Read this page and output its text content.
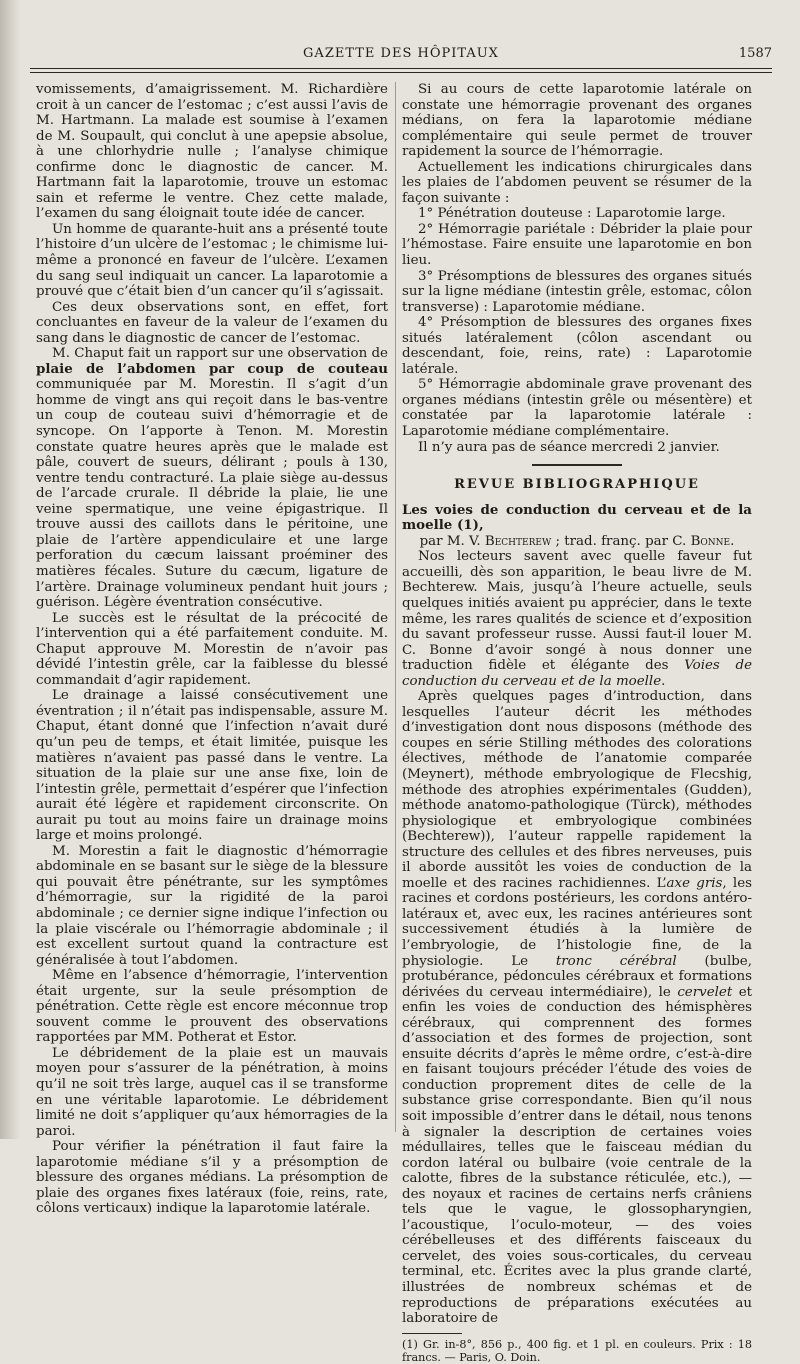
GAZETTE DES HÔPITAUX	1587

vomissements, d’amaigrissement. M. Richardière croit à un cancer de l’estomac ; c’est aussi l’avis de M. Hartmann. La malade est soumise à l’examen de M. Soupault, qui conclut à une apepsie absolue, à une chlorhydrie nulle ; l’analyse chimique confirme donc le diagnostic de cancer. M. Hartmann fait la laparotomie, trouve un estomac sain et referme le ventre. Chez cette malade, l’examen du sang éloignait toute idée de cancer.

Un homme de quarante-huit ans a présenté toute l’histoire d’un ulcère de l’estomac ; le chimisme lui-même a prononcé en faveur de l’ulcère. L’examen du sang seul indiquait un cancer. La laparotomie a prouvé que c’était bien d’un cancer qu’il s’agissait.

Ces deux observations sont, en effet, fort concluantes en faveur de la valeur de l’examen du sang dans le diagnostic de cancer de l’estomac.

M. Chaput fait un rapport sur une observation de plaie de l’abdomen par coup de couteau communiquée par M. Morestin. Il s’agit d’un homme de vingt ans qui reçoit dans le bas-ventre un coup de couteau suivi d’hémorragie et de syncope. On l’apporte à Tenon. M. Morestin constate quatre heures après que le malade est pâle, couvert de sueurs, délirant ; pouls à 130, ventre tendu contracturé. La plaie siège au-dessus de l’arcade crurale. Il débride la plaie, lie une veine spermatique, une veine épigastrique. Il trouve aussi des caillots dans le péritoine, une plaie de l’artère appendiculaire et une large perforation du cæcum laissant proéminer des matières fécales. Suture du cæcum, ligature de l’artère. Drainage volumineux pendant huit jours ; guérison. Légère éventration consécutive.

Le succès est le résultat de la précocité de l’intervention qui a été parfaitement conduite. M. Chaput approuve M. Morestin de n’avoir pas dévidé l’intestin grêle, car la faiblesse du blessé commandait d’agir rapidement.

Le drainage a laissé consécutivement une éventration ; il n’était pas indispensable, assure M. Chaput, étant donné que l’infection n’avait duré qu’un peu de temps, et était limitée, puisque les matières n’avaient pas passé dans le ventre. La situation de la plaie sur une anse fixe, loin de l’intestin grêle, permettait d’espérer que l’infection aurait été légère et rapidement circonscrite. On aurait pu tout au moins faire un drainage moins large et moins prolongé.

M. Morestin a fait le diagnostic d’hémorragie abdominale en se basant sur le siège de la blessure qui pouvait être pénétrante, sur les symptômes d’hémorragie, sur la rigidité de la paroi abdominale ; ce dernier signe indique l’infection ou la plaie viscérale ou l’hémorragie abdominale ; il est excellent surtout quand la contracture est généralisée à tout l’abdomen.

Même en l’absence d’hémorragie, l’intervention était urgente, sur la seule présomption de pénétration. Cette règle est encore méconnue trop souvent comme le prouvent des observations rapportées par MM. Potherat et Estor.

Le débridement de la plaie est un mauvais moyen pour s’assurer de la pénétration, à moins qu’il ne soit très large, auquel cas il se transforme en une véritable laparotomie. Le débridement limité ne doit s’appliquer qu’aux hémorragies de la paroi.

Pour vérifier la pénétration il faut faire la laparotomie médiane s’il y a présomption de blessure des organes médians. La présomption de plaie des organes fixes latéraux (foie, reins, rate, côlons verticaux) indique la laparotomie latérale.

Si au cours de cette laparotomie latérale on constate une hémorragie provenant des organes médians, on fera la laparotomie médiane complémentaire qui seule permet de trouver rapidement la source de l’hémorragie.

Actuellement les indications chirurgicales dans les plaies de l’abdomen peuvent se résumer de la façon suivante :

1° Pénétration douteuse : Laparotomie large.

2° Hémorragie pariétale : Débrider la plaie pour l’hémostase. Faire ensuite une laparotomie en bon lieu.

3° Présomptions de blessures des organes situés sur la ligne médiane (intestin grêle, estomac, côlon transverse) : Laparotomie médiane.

4° Présomption de blessures des organes fixes situés latéralement (côlon ascendant ou descendant, foie, reins, rate) : Laparotomie latérale.

5° Hémorragie abdominale grave provenant des organes médians (intestin grêle ou mésentère) et constatée par la laparotomie latérale : Laparotomie médiane complémentaire.

Il n’y aura pas de séance mercredi 2 janvier.

REVUE BIBLIOGRAPHIQUE

Les voies de conduction du cerveau et de la moelle (1),

par M. V. Bechterew ; trad. franç. par C. Bonne.

Nos lecteurs savent avec quelle faveur fut accueilli, dès son apparition, le beau livre de M. Bechterew. Mais, jusqu’à l’heure actuelle, seuls quelques initiés avaient pu apprécier, dans le texte même, les rares qualités de science et d’exposition du savant professeur russe. Aussi faut-il louer M. C. Bonne d’avoir songé à nous donner une traduction fidèle et élégante des Voies de conduction du cerveau et de la moelle.

Après quelques pages d’introduction, dans lesquelles l’auteur décrit les méthodes d’investigation dont nous disposons (méthode des coupes en série Stilling méthodes des colorations électives, méthode de l’anatomie comparée (Meynert), méthode embryologique de Flecshig, méthode des atrophies expérimentales (Gudden), méthode anatomo-pathologique (Türck), méthodes physiologique et embryologique combinées (Bechterew)), l’auteur rappelle rapidement la structure des cellules et des fibres nerveuses, puis il aborde aussitôt les voies de conduction de la moelle et des racines rachidiennes. L’axe gris, les racines et cordons postérieurs, les cordons antéro-latéraux et, avec eux, les racines antérieures sont successivement étudiés à la lumière de l’embryologie, de l’histologie fine, de la physiologie. Le tronc cérébral (bulbe, protubérance, pédoncules cérébraux et formations dérivées du cerveau intermédiaire), le cervelet et enfin les voies de conduction des hémisphères cérébraux, qui comprennent des formes d’association et des formes de projection, sont ensuite décrits d’après le même ordre, c’est-à-dire en faisant toujours précéder l’étude des voies de conduction proprement dites de celle de la substance grise correspondante. Bien qu’il nous soit impossible d’entrer dans le détail, nous tenons à signaler la description de certaines voies médullaires, telles que le faisceau médian du cordon latéral ou bulbaire (voie centrale de la calotte, fibres de la substance réticulée, etc.), — des noyaux et racines de certains nerfs crâniens tels que le vague, le glossopharyngien, l’acoustique, l’oculo-moteur, — des voies cérébelleuses et des différents faisceaux du cervelet, des voies sous-corticales, du cerveau terminal, etc. Écrites avec la plus grande clarté, illustrées de nombreux schémas et de reproductions de préparations exécutées au laboratoire de

(1) Gr. in-8°, 856 p., 400 fig. et 1 pl. en couleurs. Prix : 18 francs. — Paris, O. Doin.
